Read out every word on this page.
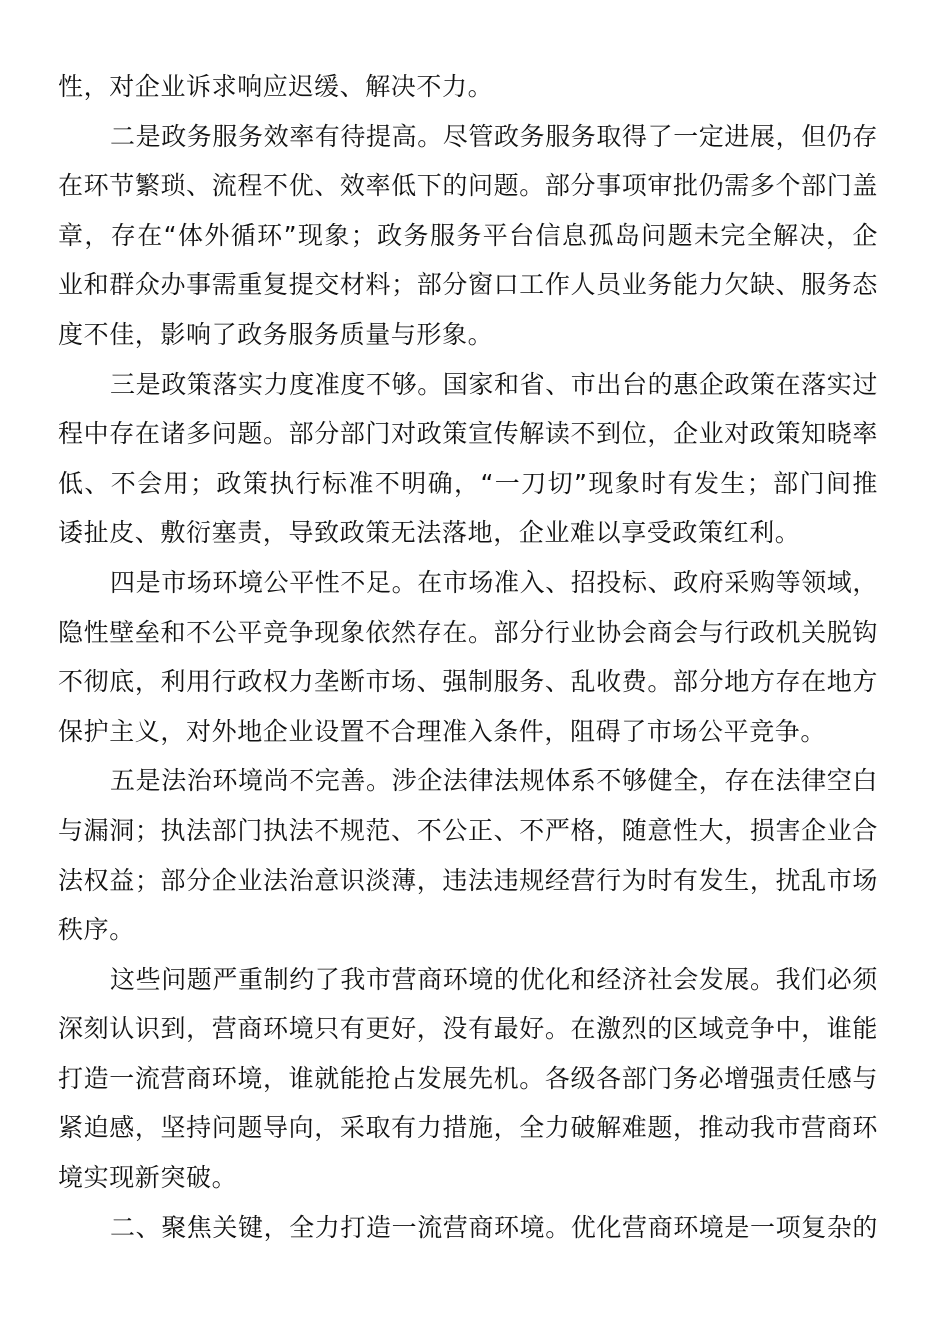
性，对企业诉求响应迟缓、解决不力。

二是政务服务效率有待提高。尽管政务服务取得了一定进展，但仍存在环节繁琐、流程不优、效率低下的问题。部分事项审批仍需多个部门盖章，存在“体外循环”现象；政务服务平台信息孤岛问题未完全解决，企业和群众办事需重复提交材料；部分窗口工作人员业务能力欠缺、服务态度不佳，影响了政务服务质量与形象。

三是政策落实力度准度不够。国家和省、市出台的惠企政策在落实过程中存在诸多问题。部分部门对政策宣传解读不到位，企业对政策知晓率低、不会用；政策执行标准不明确，“一刀切”现象时有发生；部门间推诿扯皮、敷衍塞责，导致政策无法落地，企业难以享受政策红利。

四是市场环境公平性不足。在市场准入、招投标、政府采购等领域，隐性壁垒和不公平竞争现象依然存在。部分行业协会商会与行政机关脱钩不彻底，利用行政权力垄断市场、强制服务、乱收费。部分地方存在地方保护主义，对外地企业设置不合理准入条件，阻碍了市场公平竞争。

五是法治环境尚不完善。涉企法律法规体系不够健全，存在法律空白与漏洞；执法部门执法不规范、不公正、不严格，随意性大，损害企业合法权益；部分企业法治意识淡薄，违法违规经营行为时有发生，扰乱市场秩序。

这些问题严重制约了我市营商环境的优化和经济社会发展。我们必须深刻认识到，营商环境只有更好，没有最好。在激烈的区域竞争中，谁能打造一流营商环境，谁就能抢占发展先机。各级各部门务必增强责任感与紧迫感，坚持问题导向，采取有力措施，全力破解难题，推动我市营商环境实现新突破。

二、聚焦关键，全力打造一流营商环境。优化营商环境是一项复杂的
